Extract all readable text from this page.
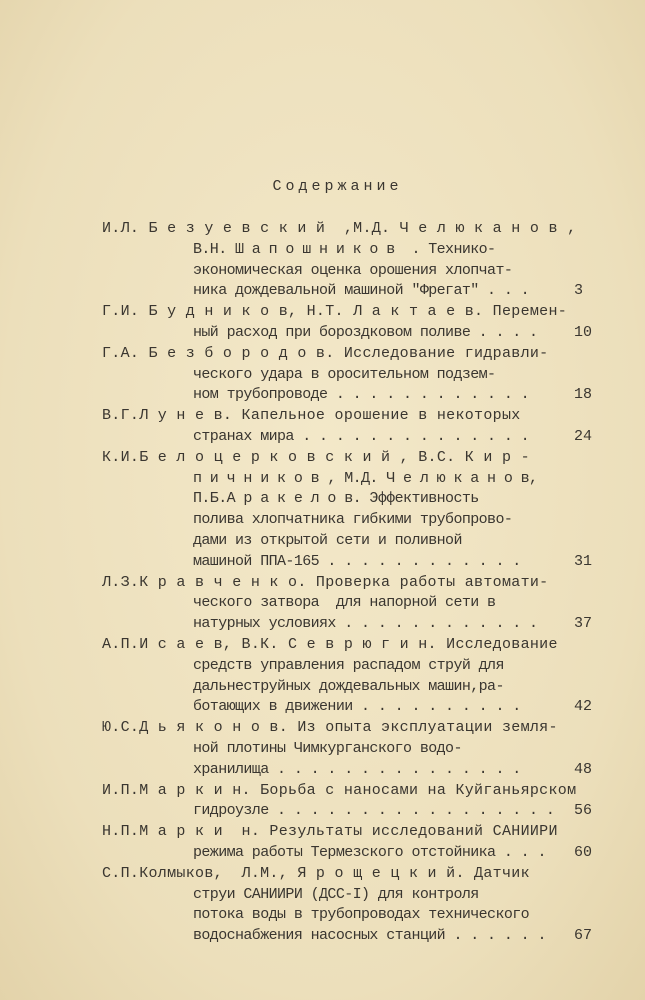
Содержание
И.Л. Б е з у е в с к и й  ,М.Д. Ч е л ю к а н о в ,
В.Н. Ш а п о ш н и к о в  . Технико-
экономическая оценка орошения хлопчат-
ника дождевальной машиной "Фрегат" . . .	3
Г.И. Б у д н и к о в, Н.Т. Л а к т а е в. Перемен-
ный расход при бороздковом поливе . . . . 10
Г.А. Б е з б о р о д о в. Исследование гидравли-
ческого удара в оросительном подзем-
ном трубопроводе . . . . . . . . . . . .	18
В.Г.Л у н е в. Капельное орошение в некоторых
странах мира . . . . . . . . . . . . . .	24
К.И.Б е л о ц е р к о в с к и й , В.С. К и р -
п и ч н и к о в , М.Д. Ч е л ю к а н о в,
П.Б.А р а к е л о в. Эффективность
полива хлопчатника гибкими трубопрово-
дами из открытой сети и поливной
машиной ППА-165 . . . . . . . . . . . .	31
Л.З.К р а в ч е н к о. Проверка работы автомати-
ческого затвора  для напорной сети в
натурных условиях . . . . . . . . . . . . 37
А.П.И с а е в, В.К. С е в р ю г и н. Исследование
средств управления распадом струй для
дальнеструйных дождевальных машин,ра-
ботающих в движении . . . . . . . . . .	42
Ю.С.Д ь я к о н о в. Из опыта эксплуатации земля-
ной плотины Чимкурганского водо-
хранилища . . . . . . . . . . . . . . .	48
И.П.М а р к и н. Борьба с наносами на Куйганьярском
гидроузле . . . . . . . . . . . . . . . . . 56
Н.П.М а р к и  н. Результаты исследований САНИИРИ
режима работы Термезского отстойника . . . 60
С.П.Колмыков,  Л.М., Я р о щ е ц к и й. Датчик
струи САНИИРИ (ДСС-I) для контроля
потока воды в трубопроводах технического
водоснабжения насосных станций . . . . . . 67
